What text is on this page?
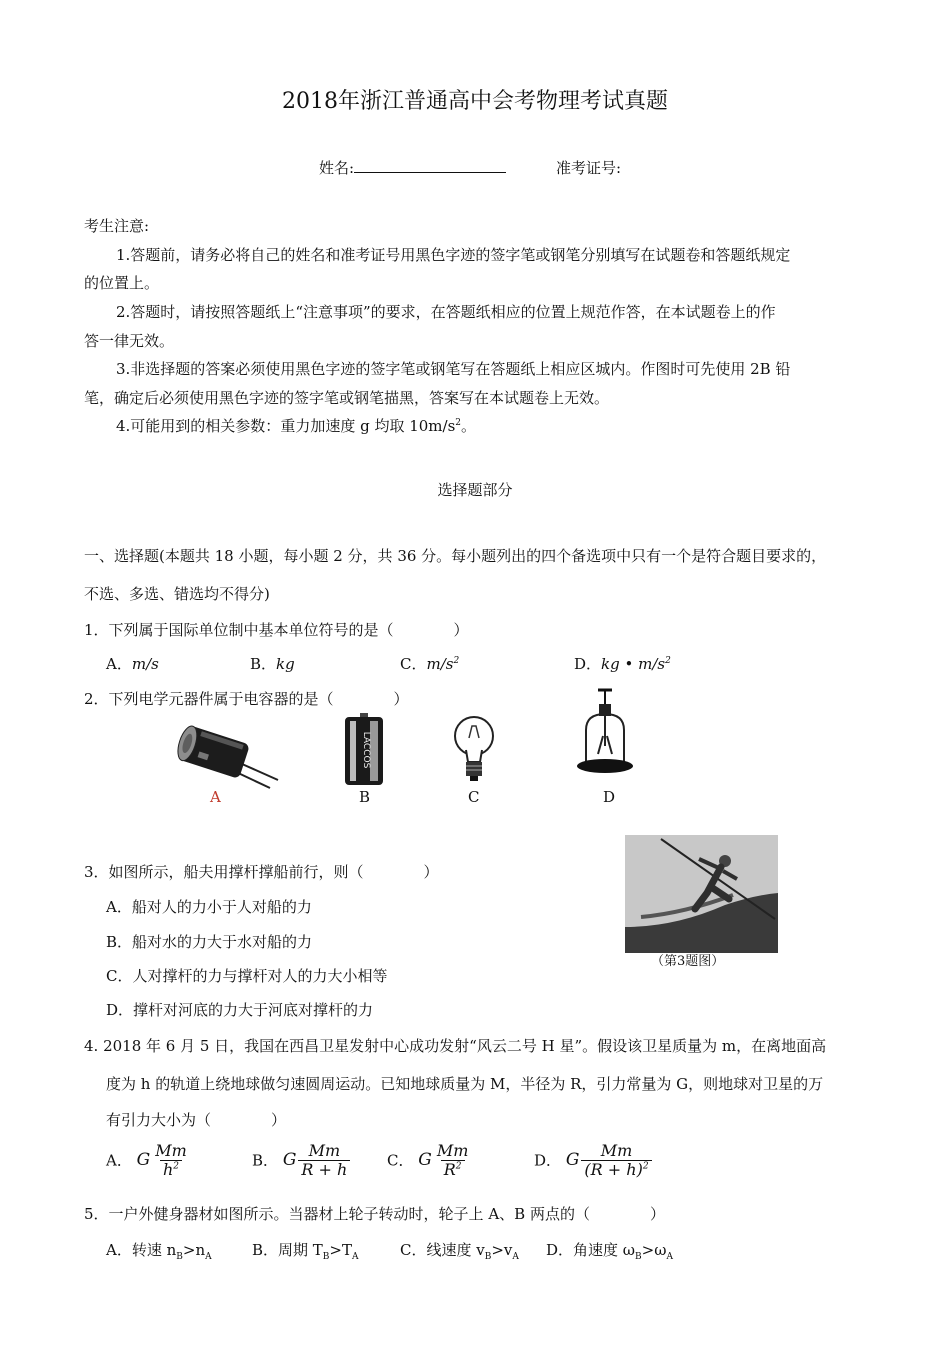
2018年浙江普通高中会考物理考试真题
姓名:	准考证号:
考生注意:
1.答题前，请务必将自己的姓名和准考证号用黑色字迹的签字笔或钢笔分别填写在试题卷和答题纸规定
的位置上。
2.答题时，请按照答题纸上“注意事项”的要求，在答题纸相应的位置上规范作答，在本试题卷上的作
答一律无效。
3.非选择题的答案必须使用黑色字迹的签字笔或钢笔写在答题纸上相应区城内。作图时可先使用 2B 铅
笔，确定后必须使用黑色字迹的签字笔或钢笔描黑，答案写在本试题卷上无效。
4.可能用到的相关参数：重力加速度 g 均取 $10m/s^2$。
选择题部分
一、选择题(本题共 18 小题，每小题 2 分，共 36 分。每小题列出的四个备选项中只有一个是符合题目要求的，
不选、多选、错选均不得分)
1．下列属于国际单位制中基本单位符号的是（　　　　）
A．m/s	B．kg	C．$m/s^2$	D．kg • $m/s^2$
2．下列电学元器件属于电容器的是（　　　　）
A
LACCOS
B	C	D
3．如图所示，船夫用撑杆撑船前行，则（　　　　）
A．船对人的力小于人对船的力
B．船对水的力大于水对船的力
C．人对撑杆的力与撑杆对人的力大小相等
D．撑杆对河底的力大于河底对撑杆的力
（第3题图）
4. 2018 年 6 月 5 日，我国在西昌卫星发射中心成功发射“风云二号 H 星”。假设该卫星质量为 m，在离地面高
度为 h 的轨道上绕地球做匀速圆周运动。已知地球质量为 M，半径为 R，引力常量为 G，则地球对卫星的万
有引力大小为（　　　　）
A． G $\frac{Mm}{h^2}$	B． G $\frac{Mm}{R + h}$ C． G $\frac{Mm}{R^2}$	D． G $\frac{Mm}{(R + h)^2}$
5．一户外健身器材如图所示。当器材上轮子转动时，轮子上 A、B 两点的（　　　　）
A．转速 $n_B>n_A$	B．周期 $T_B>T_A$	C．线速度 $v_B>v_A$ D．角速度 $\omega_B>\omega_A$
